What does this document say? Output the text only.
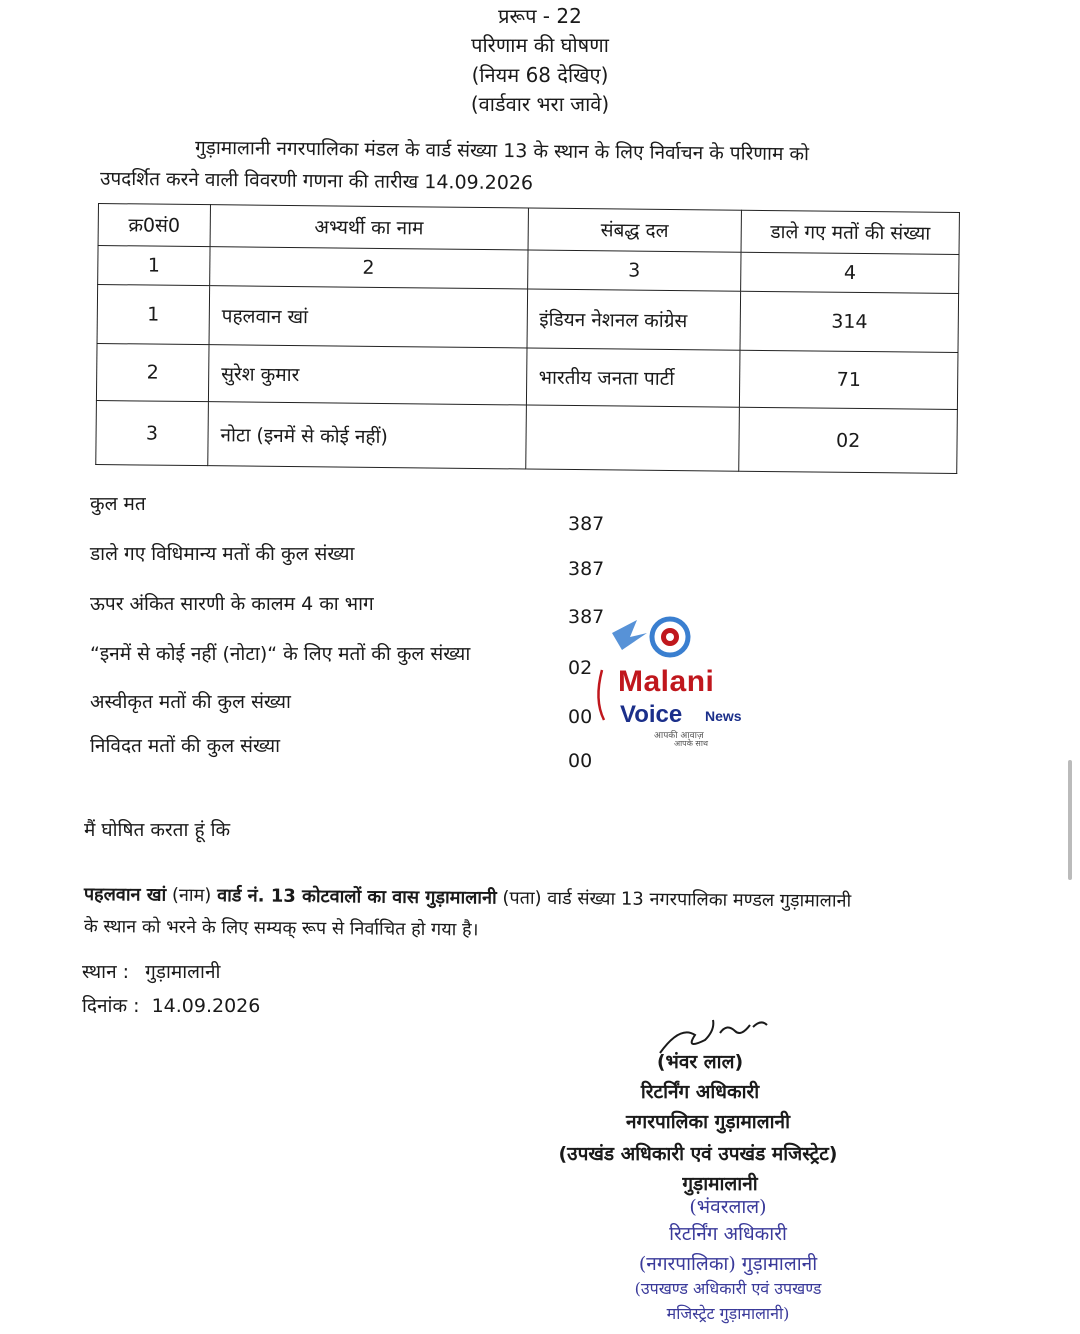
प्ररूप - 22
परिणाम की घोषणा
(नियम 68 देखिए)
(वार्डवार भरा जावे)
गुड़ामालानी नगरपालिका मंडल के वार्ड संख्या 13 के स्थान के लिए निर्वाचन के परिणाम को
उपदर्शित करने वाली विवरणी गणना की तारीख 14.09.2026
क्र0सं0	अभ्यर्थी का नाम	संबद्ध दल	डाले गए मतों की संख्या
1	2	3	4
1	पहलवान खां	इंडियन नेशनल कांग्रेस	314
2	सुरेश कुमार	भारतीय जनता पार्टी	71
3	नोटा (इनमें से कोई नहीं)		02
कुल मत
387
डाले गए विधिमान्य मतों की कुल संख्या
387
ऊपर अंकित सारणी के कालम 4 का भाग
387
“इनमें से कोई नहीं (नोटा)“ के लिए मतों की कुल संख्या
02
अस्वीकृत मतों की कुल संख्या
00
निविदत मतों की कुल संख्या
00
Malani
Voice News
आपकी आवाज़
आपके साथ
मैं घोषित करता हूं कि
पहलवान खां (नाम) वार्ड नं. 13 कोटवालों का वास गुड़ामालानी (पता) वार्ड संख्या 13 नगरपालिका मण्डल गुड़ामालानी
के स्थान को भरने के लिए सम्यक् रूप से निर्वाचित हो गया है।
स्थान : गुड़ामालानी
दिनांक : 14.09.2026
(भंवर लाल)
रिटर्निंग अधिकारी
नगरपालिका गुड़ामालानी
(उपखंड अधिकारी एवं उपखंड मजिस्ट्रेट)
गुड़ामालानी
(भंवरलाल)
रिटर्निंग अधिकारी
(नगरपालिका) गुड़ामालानी
(उपखण्ड अधिकारी एवं उपखण्ड
मजिस्ट्रेट गुड़ामालानी)
